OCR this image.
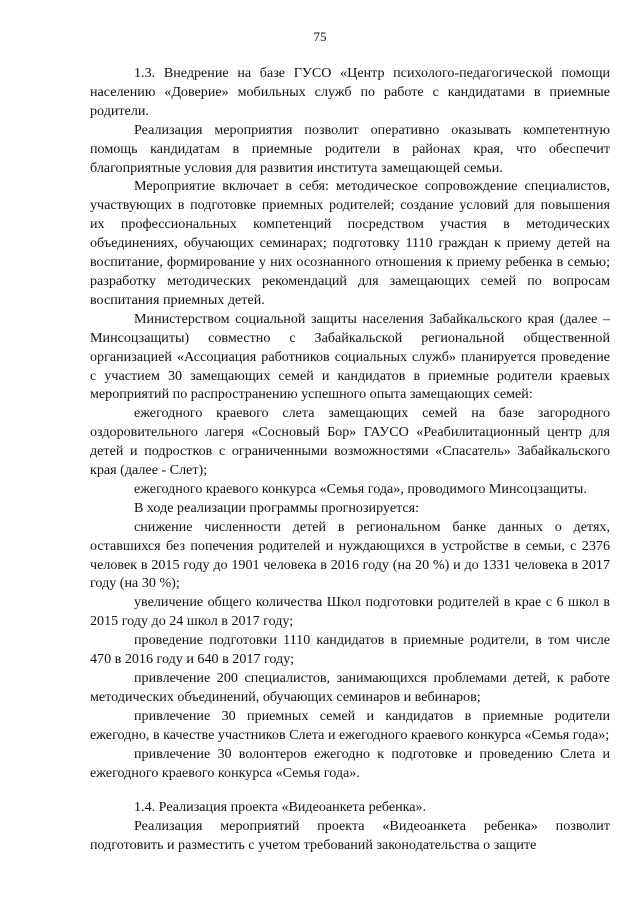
75

1.3. Внедрение на базе ГУСО «Центр психолого-педагогической помощи населению «Доверие» мобильных служб по работе с кандидатами в приемные родители.

Реализация мероприятия позволит оперативно оказывать компетентную помощь кандидатам в приемные родители в районах края, что обеспечит благоприятные условия для развития института замещающей семьи.

Мероприятие включает в себя: методическое сопровождение специалистов, участвующих в подготовке приемных родителей; создание условий для повышения их профессиональных компетенций посредством участия в методических объединениях, обучающих семинарах; подготовку 1110 граждан к приему детей на воспитание, формирование у них осознанного отношения к приему ребенка в семью; разработку методических рекомендаций для замещающих семей по вопросам воспитания приемных детей.

Министерством социальной защиты населения Забайкальского края (далее – Минсоцзащиты) совместно с Забайкальской региональной общественной организацией «Ассоциация работников социальных служб» планируется проведение с участием 30 замещающих семей и кандидатов в приемные родители краевых мероприятий по распространению успешного опыта замещающих семей:

ежегодного краевого слета замещающих семей на базе загородного оздоровительного лагеря «Сосновый Бор» ГАУСО «Реабилитационный центр для детей и подростков с ограниченными возможностями «Спасатель» Забайкальского края (далее - Слет);

ежегодного краевого конкурса «Семья года», проводимого Минсоцзащиты.

В ходе реализации программы прогнозируется:

снижение численности детей в региональном банке данных о детях, оставшихся без попечения родителей и нуждающихся в устройстве в семьи, с 2376 человек в 2015 году до 1901 человека в 2016 году (на 20 %) и до 1331 человека в 2017 году (на 30 %);

увеличение общего количества Школ подготовки родителей в крае с 6 школ в 2015 году до 24 школ в 2017 году;

проведение подготовки 1110 кандидатов в приемные родители, в том числе 470 в 2016 году и 640 в 2017 году;

привлечение 200 специалистов, занимающихся проблемами детей, к работе методических объединений, обучающих семинаров и вебинаров;

привлечение 30 приемных семей и кандидатов в приемные родители ежегодно, в качестве участников Слета и ежегодного краевого конкурса «Семья года»;

привлечение 30 волонтеров ежегодно к подготовке и проведению Слета и ежегодного краевого конкурса «Семья года».

1.4. Реализация проекта «Видеоанкета ребенка».

Реализация мероприятий проекта «Видеоанкета ребенка» позволит подготовить и разместить с учетом требований законодательства о защите
